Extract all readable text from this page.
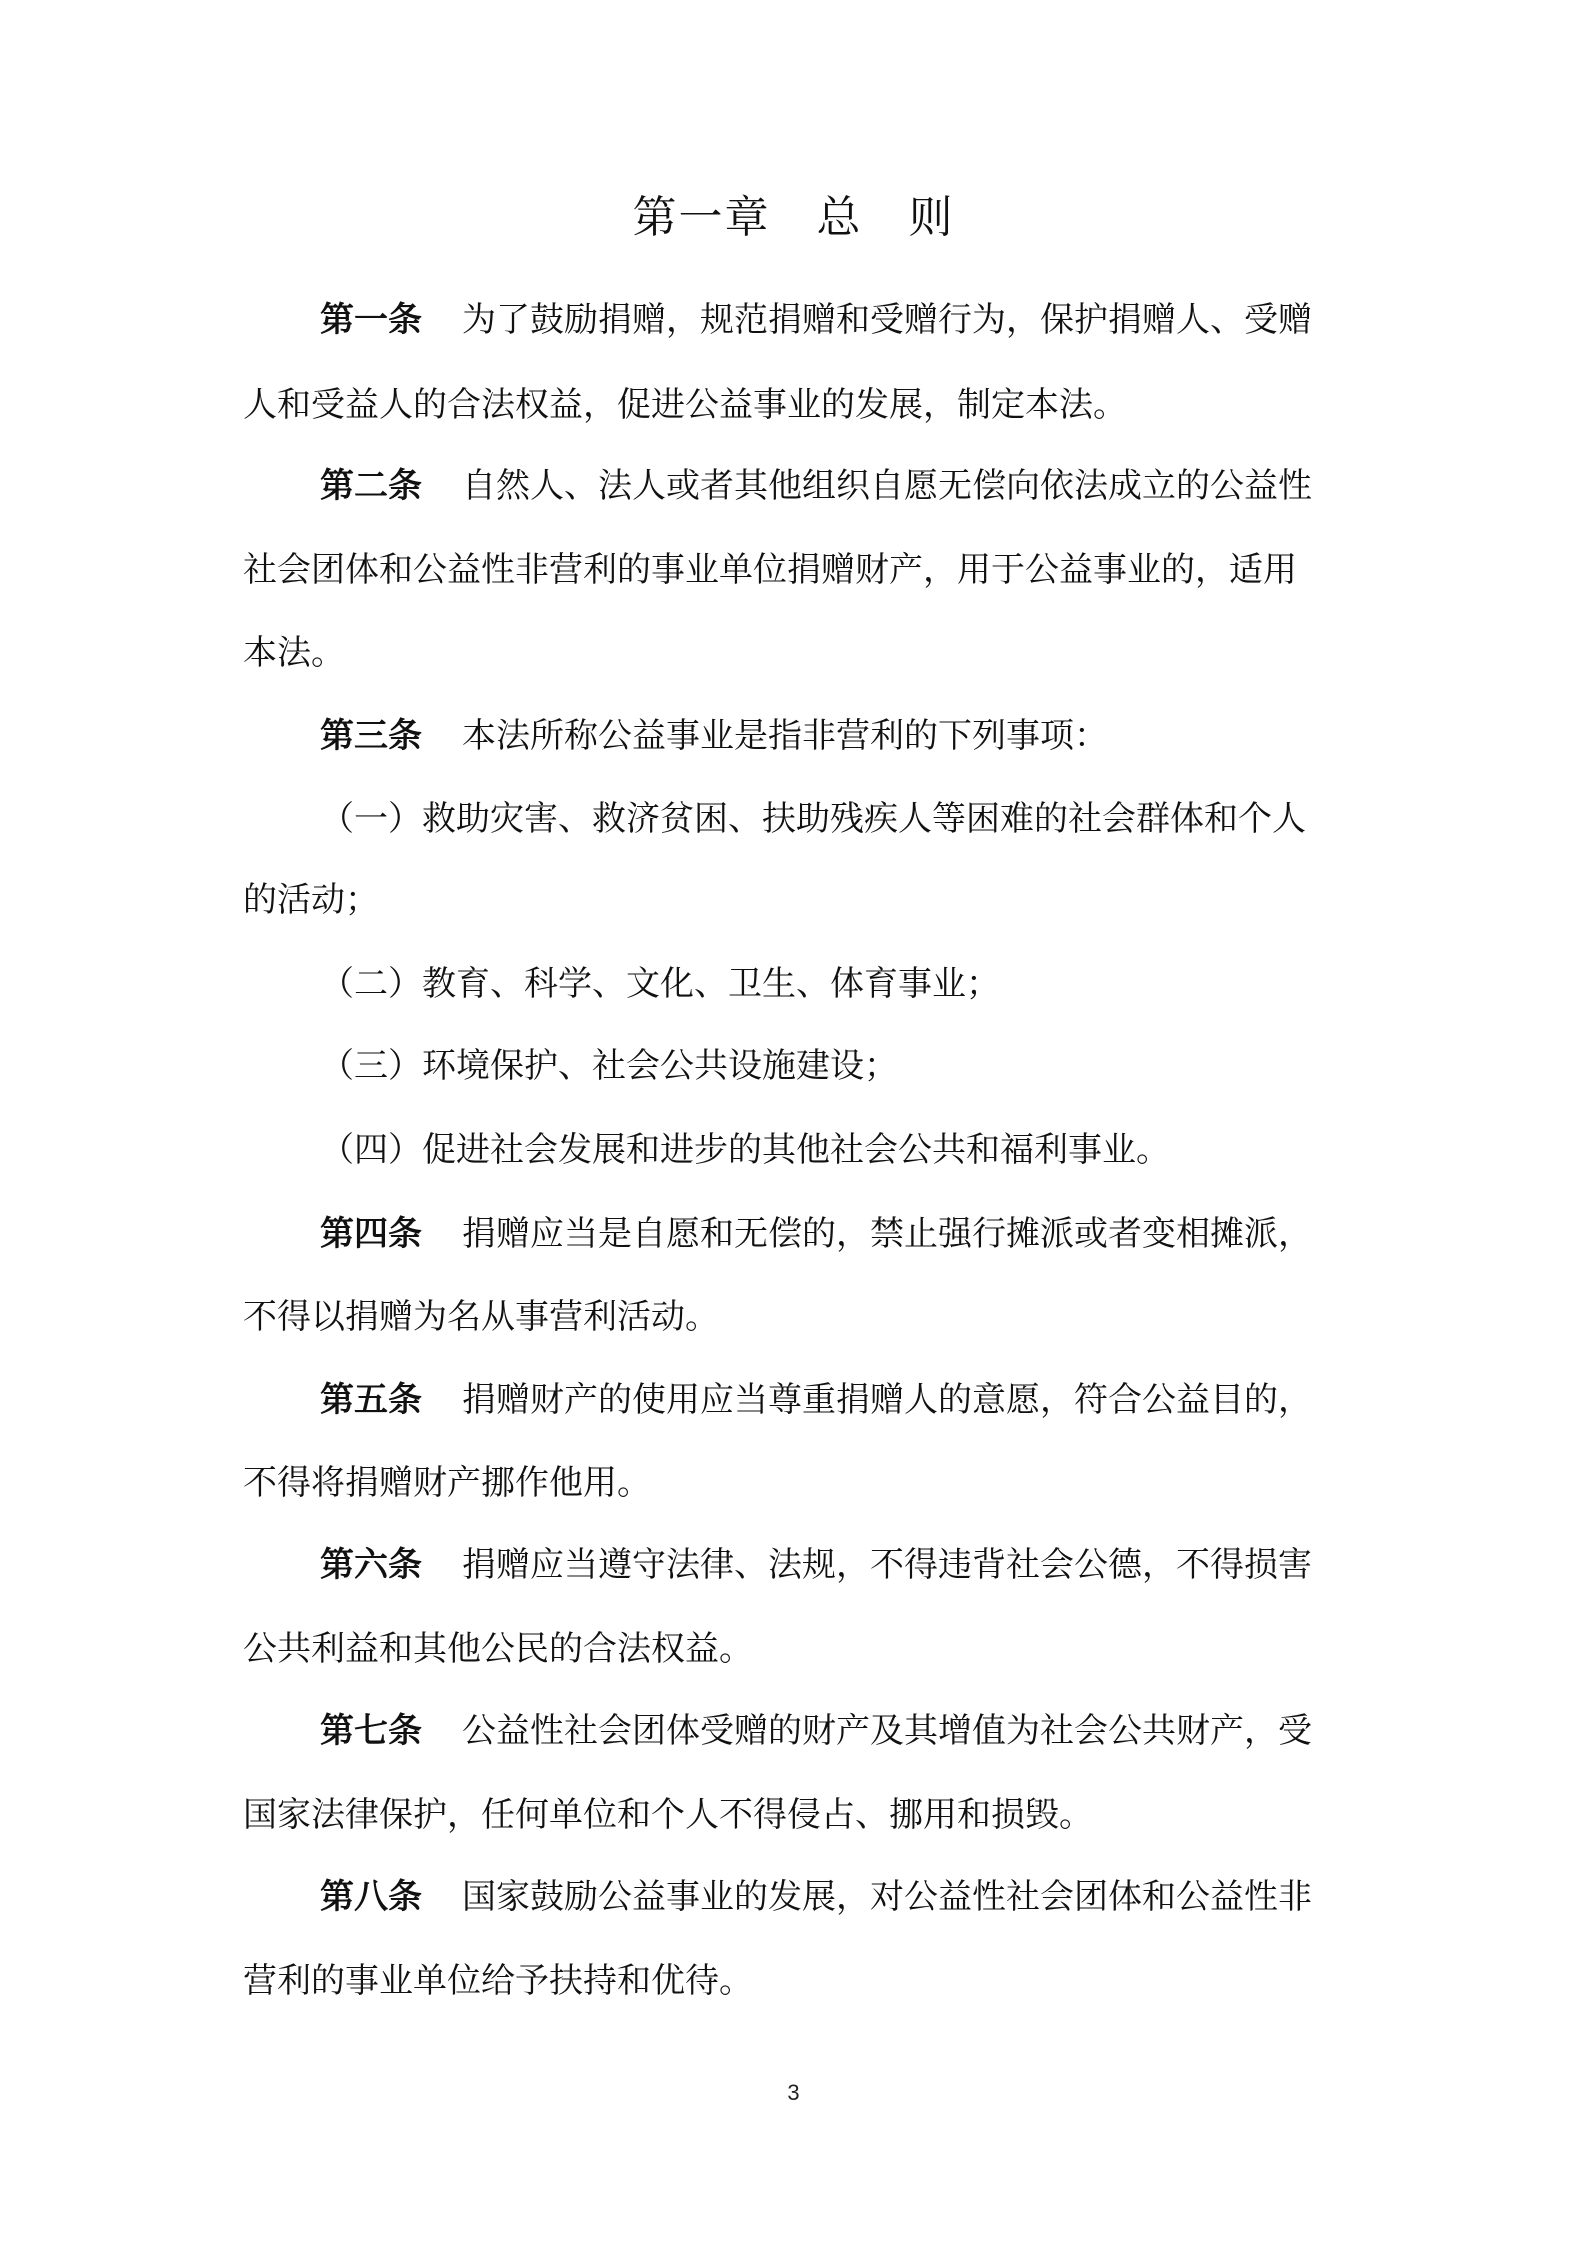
第一章　总　则
第一条 为了鼓励捐赠，规范捐赠和受赠行为，保护捐赠人、受赠
人和受益人的合法权益，促进公益事业的发展，制定本法。
第二条 自然人、法人或者其他组织自愿无偿向依法成立的公益性
社会团体和公益性非营利的事业单位捐赠财产，用于公益事业的，适用
本法。
第三条 本法所称公益事业是指非营利的下列事项：
（一）救助灾害、救济贫困、扶助残疾人等困难的社会群体和个人
的活动；
（二）教育、科学、文化、卫生、体育事业；
（三）环境保护、社会公共设施建设；
（四）促进社会发展和进步的其他社会公共和福利事业。
第四条 捐赠应当是自愿和无偿的，禁止强行摊派或者变相摊派，
不得以捐赠为名从事营利活动。
第五条 捐赠财产的使用应当尊重捐赠人的意愿，符合公益目的，
不得将捐赠财产挪作他用。
第六条 捐赠应当遵守法律、法规，不得违背社会公德，不得损害
公共利益和其他公民的合法权益。
第七条 公益性社会团体受赠的财产及其增值为社会公共财产，受
国家法律保护，任何单位和个人不得侵占、挪用和损毁。
第八条 国家鼓励公益事业的发展，对公益性社会团体和公益性非
营利的事业单位给予扶持和优待。
3
